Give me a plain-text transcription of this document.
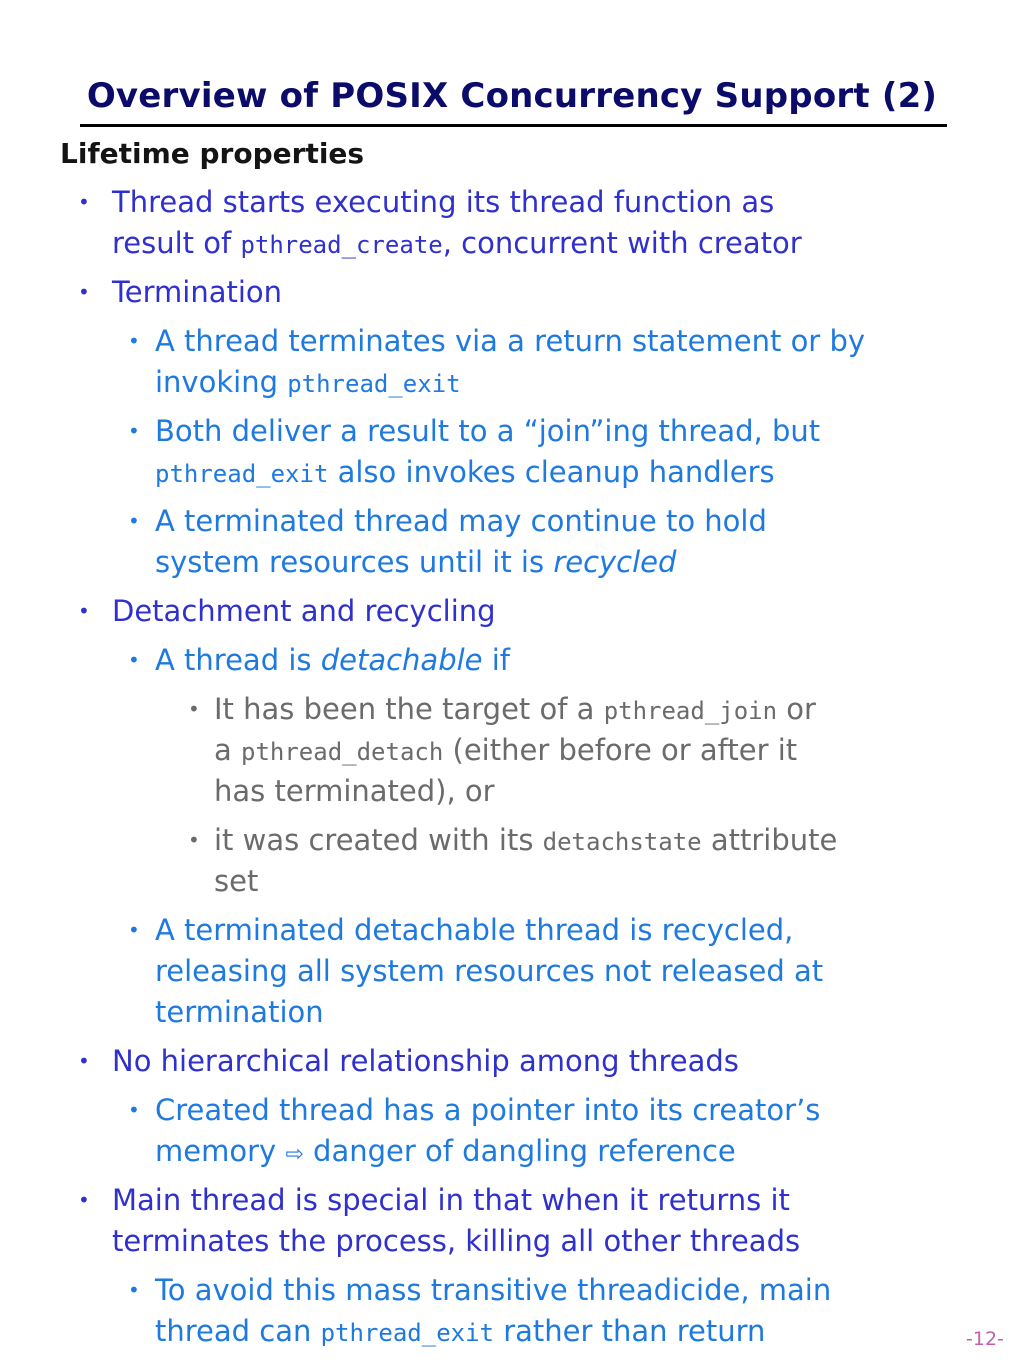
Overview of POSIX Concurrency Support (2)
Lifetime properties
• Thread starts executing its thread function as
result of pthread_create, concurrent with creator
• Termination
• A thread terminates via a return statement or by
invoking pthread_exit
• Both deliver a result to a “join”ing thread, but
pthread_exit also invokes cleanup handlers
• A terminated thread may continue to hold
system resources until it is recycled
• Detachment and recycling
• A thread is detachable if
• It has been the target of a pthread_join or
a pthread_detach (either before or after it
has terminated), or
• it was created with its detachstate attribute
set
• A terminated detachable thread is recycled,
releasing all system resources not released at
termination
• No hierarchical relationship among threads
• Created thread has a pointer into its creator’s
memory ⇨ danger of dangling reference
• Main thread is special in that when it returns it
terminates the process, killing all other threads
• To avoid this mass transitive threadicide, main
thread can pthread_exit rather than return	-12-
